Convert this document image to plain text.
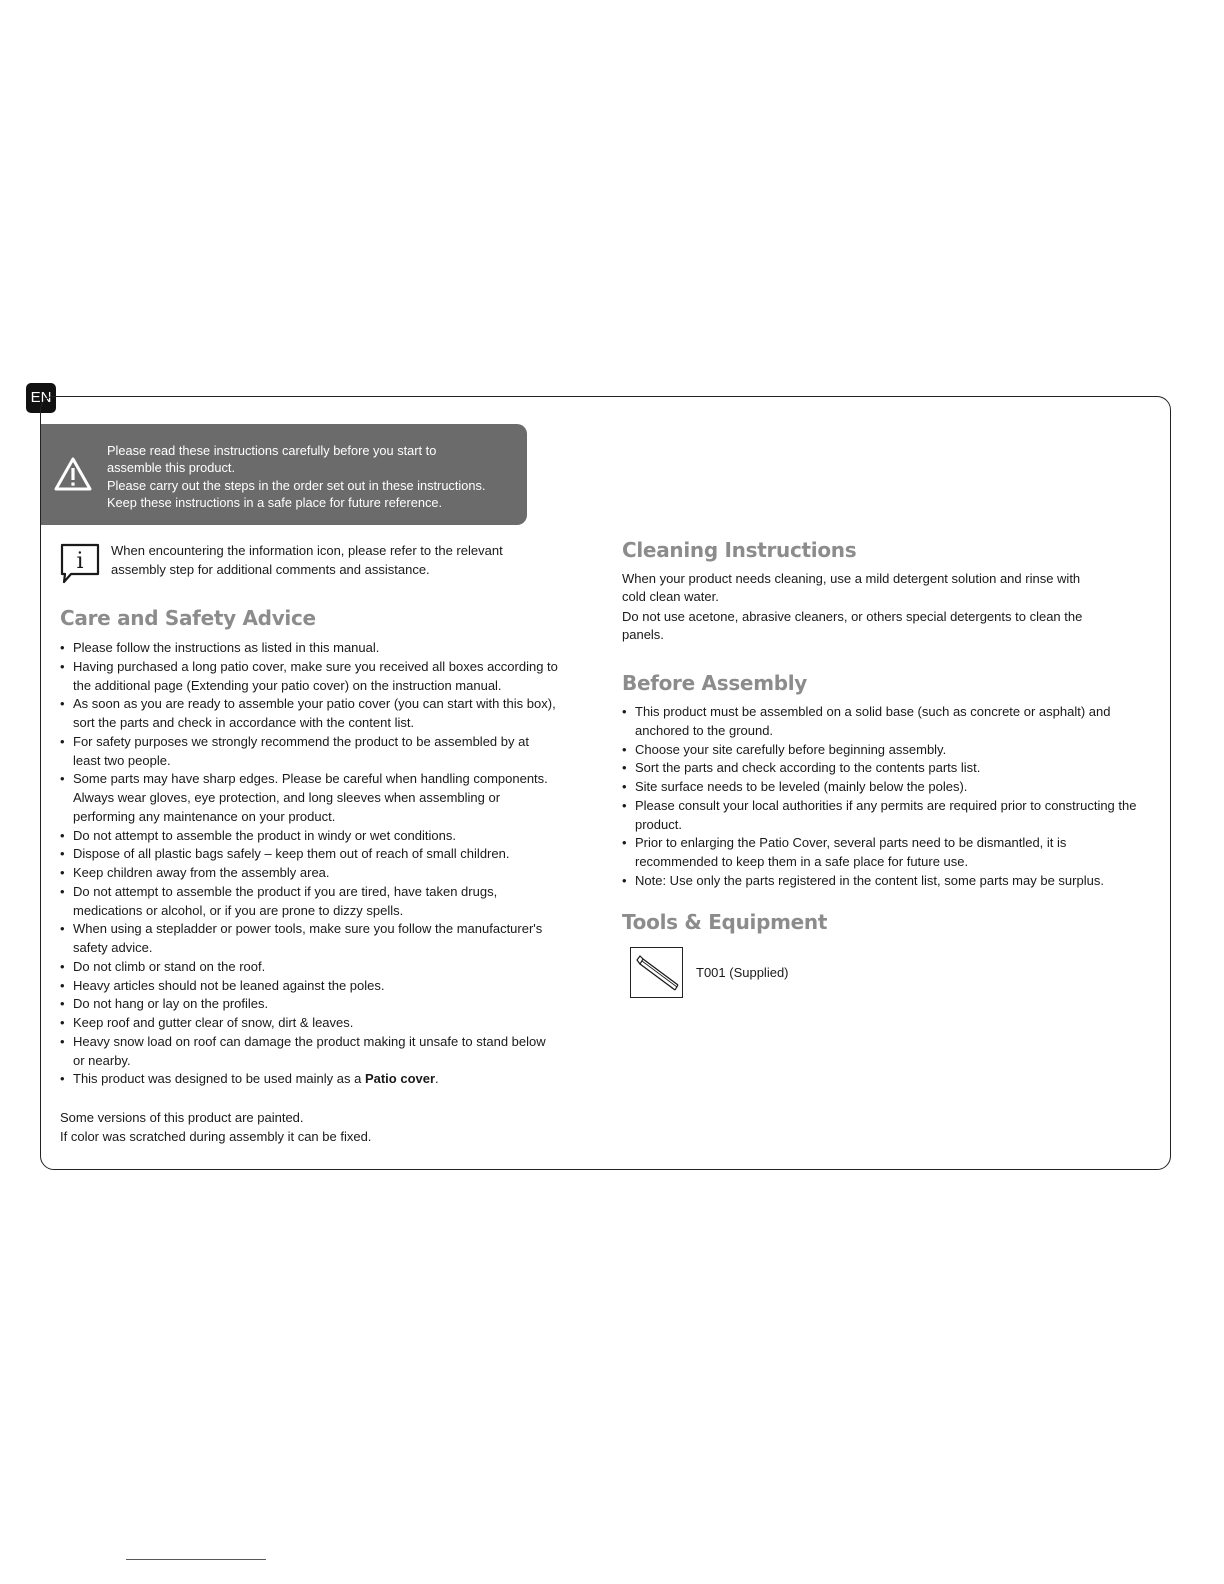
EN
Please read these instructions carefully before you start to
assemble this product.
Please carry out the steps in the order set out in these instructions.
Keep these instructions in a safe place for future reference.
i When encountering the information icon, please refer to the relevant assembly step for additional comments and assistance.
Care and Safety Advice
• Please follow the instructions as listed in this manual.
• Having purchased a long patio cover, make sure you received all boxes according to the additional page (Extending your patio cover) on the instruction manual.
• As soon as you are ready to assemble your patio cover (you can start with this box), sort the parts and check in accordance with the content list.
• For safety purposes we strongly recommend the product to be assembled by at least two people.
• Some parts may have sharp edges. Please be careful when handling components. Always wear gloves, eye protection, and long sleeves when assembling or performing any maintenance on your product.
• Do not attempt to assemble the product in windy or wet conditions.
• Dispose of all plastic bags safely – keep them out of reach of small children.
• Keep children away from the assembly area.
• Do not attempt to assemble the product if you are tired, have taken drugs, medications or alcohol, or if you are prone to dizzy spells.
• When using a stepladder or power tools, make sure you follow the manufacturer's safety advice.
• Do not climb or stand on the roof.
• Heavy articles should not be leaned against the poles.
• Do not hang or lay on the profiles.
• Keep roof and gutter clear of snow, dirt & leaves.
• Heavy snow load on roof can damage the product making it unsafe to stand below or nearby.
• This product was designed to be used mainly as a Patio cover.
Some versions of this product are painted.
If color was scratched during assembly it can be fixed.
Cleaning Instructions

When your product needs cleaning, use a mild detergent solution and rinse with cold clean water.

Do not use acetone, abrasive cleaners, or others special detergents to clean the panels.

Before Assembly
• This product must be assembled on a solid base (such as concrete or asphalt) and anchored to the ground.
• Choose your site carefully before beginning assembly.
• Sort the parts and check according to the contents parts list.
• Site surface needs to be leveled (mainly below the poles).
• Please consult your local authorities if any permits are required prior to constructing the product.
• Prior to enlarging the Patio Cover, several parts need to be dismantled, it is recommended to keep them in a safe place for future use.
• Note: Use only the parts registered in the content list, some parts may be surplus.
Tools & Equipment
T001 (Supplied)
